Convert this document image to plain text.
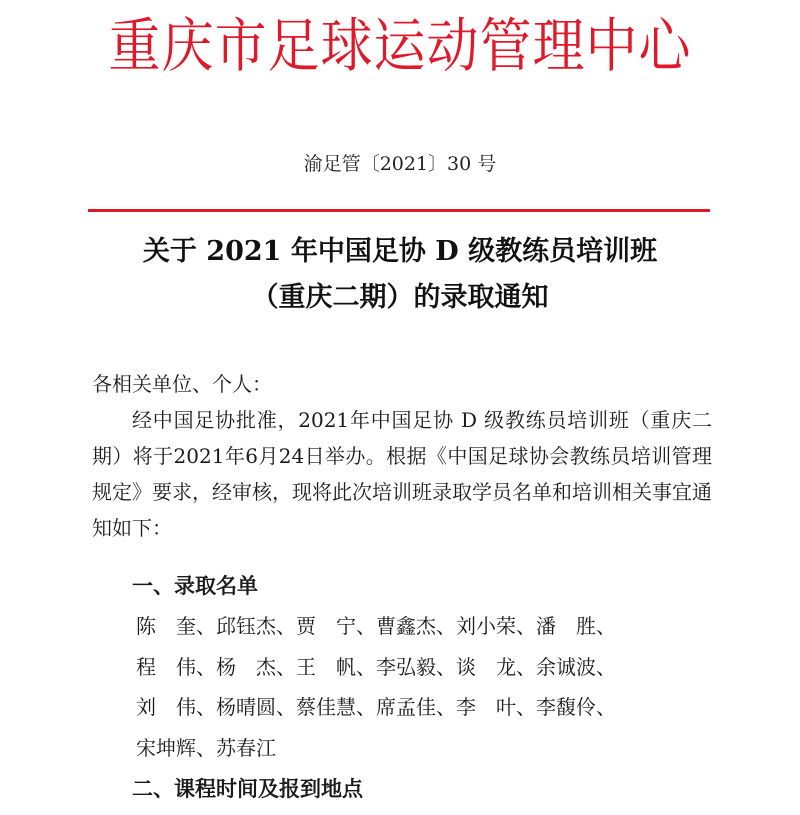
重庆市足球运动管理中心
渝足管〔2021〕30 号
关于 2021 年中国足协 D 级教练员培训班
（重庆二期）的录取通知
各相关单位、个人：
经中国足协批准，2021年中国足协 D 级教练员培训班（重庆二期）将于2021年6月24日举办。根据《中国足球协会教练员培训管理规定》要求，经审核，现将此次培训班录取学员名单和培训相关事宜通知如下：
一、录取名单
陈　奎、邱钰杰、贾　宁、曹鑫杰、刘小荣、潘　胜、
程　伟、杨　杰、王　帆、李弘毅、谈　龙、余诚波、
刘　伟、杨晴圆、蔡佳慧、席孟佳、李　叶、李馥伶、
宋坤辉、苏春江
二、课程时间及报到地点
